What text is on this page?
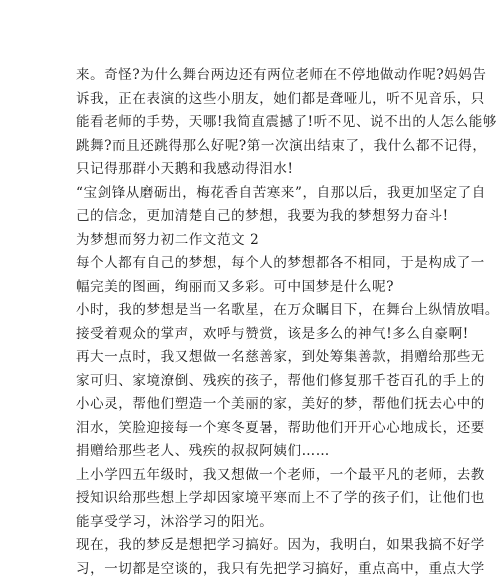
来。奇怪?为什么舞台两边还有两位老师在不停地做动作呢?妈妈告
诉我，正在表演的这些小朋友，她们都是聋哑儿，听不见音乐，只
能看老师的手势，天哪!我简直震撼了!听不见、说不出的人怎么能够
跳舞?而且还跳得那么好呢?第一次演出结束了，我什么都不记得，
只记得那群小天鹅和我感动得泪水!
“宝剑锋从磨砺出，梅花香自苦寒来”，自那以后，我更加坚定了自
己的信念，更加清楚自己的梦想，我要为我的梦想努力奋斗!
为梦想而努力初二作文范文 2
每个人都有自己的梦想，每个人的梦想都各不相同，于是构成了一
幅完美的图画，绚丽而又多彩。可中国梦是什么呢?
小时，我的梦想是当一名歌星，在万众瞩目下，在舞台上纵情放唱。
接受着观众的掌声，欢呼与赞赏，该是多么的神气!多么自豪啊!
再大一点时，我又想做一名慈善家，到处筹集善款，捐赠给那些无
家可归、家境潦倒、残疾的孩子，帮他们修复那千苍百孔的手上的
小心灵，帮他们塑造一个美丽的家，美好的梦，帮他们抚去心中的
泪水，笑脸迎接每一个寒冬夏暑，帮助他们开开心心地成长，还要
捐赠给那些老人、残疾的叔叔阿姨们……
上小学四五年级时，我又想做一个老师，一个最平凡的老师，去教
授知识给那些想上学却因家境平寒而上不了学的孩子们，让他们也
能享受学习，沐浴学习的阳光。
现在，我的梦反是想把学习搞好。因为，我明白，如果我搞不好学
习，一切都是空谈的，我只有先把学习搞好，重点高中，重点大学
